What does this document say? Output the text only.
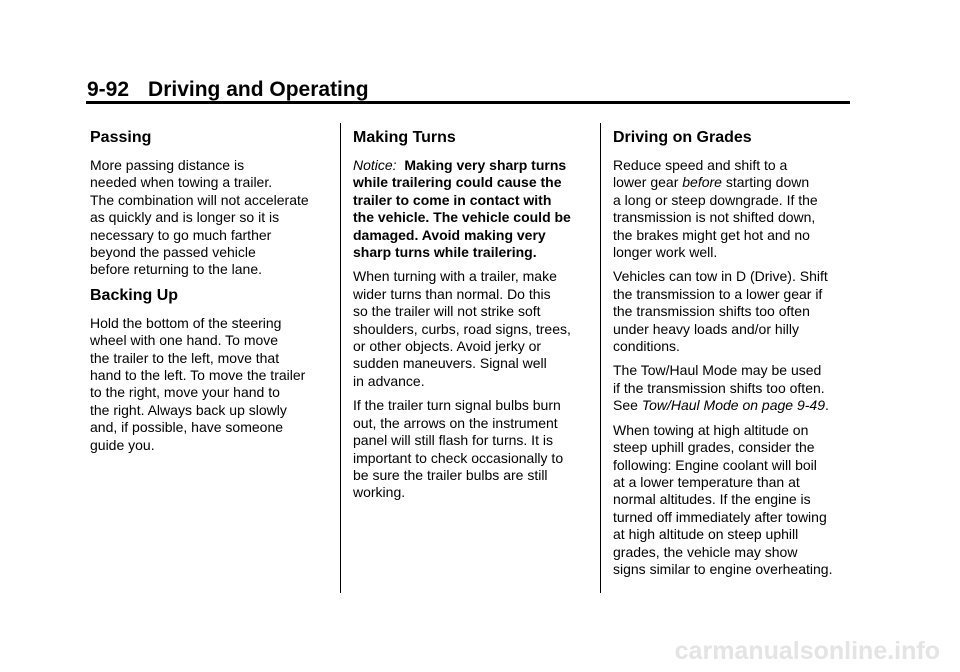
9-92 Driving and Operating
Passing

More passing distance is
needed when towing a trailer.
The combination will not accelerate
as quickly and is longer so it is
necessary to go much farther
beyond the passed vehicle
before returning to the lane.

Backing Up

Hold the bottom of the steering
wheel with one hand. To move
the trailer to the left, move that
hand to the left. To move the trailer
to the right, move your hand to
the right. Always back up slowly
and, if possible, have someone
guide you.

Making Turns

Notice: Making very sharp turns
while trailering could cause the
trailer to come in contact with
the vehicle. The vehicle could be
damaged. Avoid making very
sharp turns while trailering.

When turning with a trailer, make
wider turns than normal. Do this
so the trailer will not strike soft
shoulders, curbs, road signs, trees,
or other objects. Avoid jerky or
sudden maneuvers. Signal well
in advance.

If the trailer turn signal bulbs burn
out, the arrows on the instrument
panel will still flash for turns. It is
important to check occasionally to
be sure the trailer bulbs are still
working.

Driving on Grades

Reduce speed and shift to a
lower gear before starting down
a long or steep downgrade. If the
transmission is not shifted down,
the brakes might get hot and no
longer work well.

Vehicles can tow in D (Drive). Shift
the transmission to a lower gear if
the transmission shifts too often
under heavy loads and/or hilly
conditions.

The Tow/Haul Mode may be used
if the transmission shifts too often.
See Tow/Haul Mode on page 9‑49.

When towing at high altitude on
steep uphill grades, consider the
following: Engine coolant will boil
at a lower temperature than at
normal altitudes. If the engine is
turned off immediately after towing
at high altitude on steep uphill
grades, the vehicle may show
signs similar to engine overheating.

carmanualsonline.info
